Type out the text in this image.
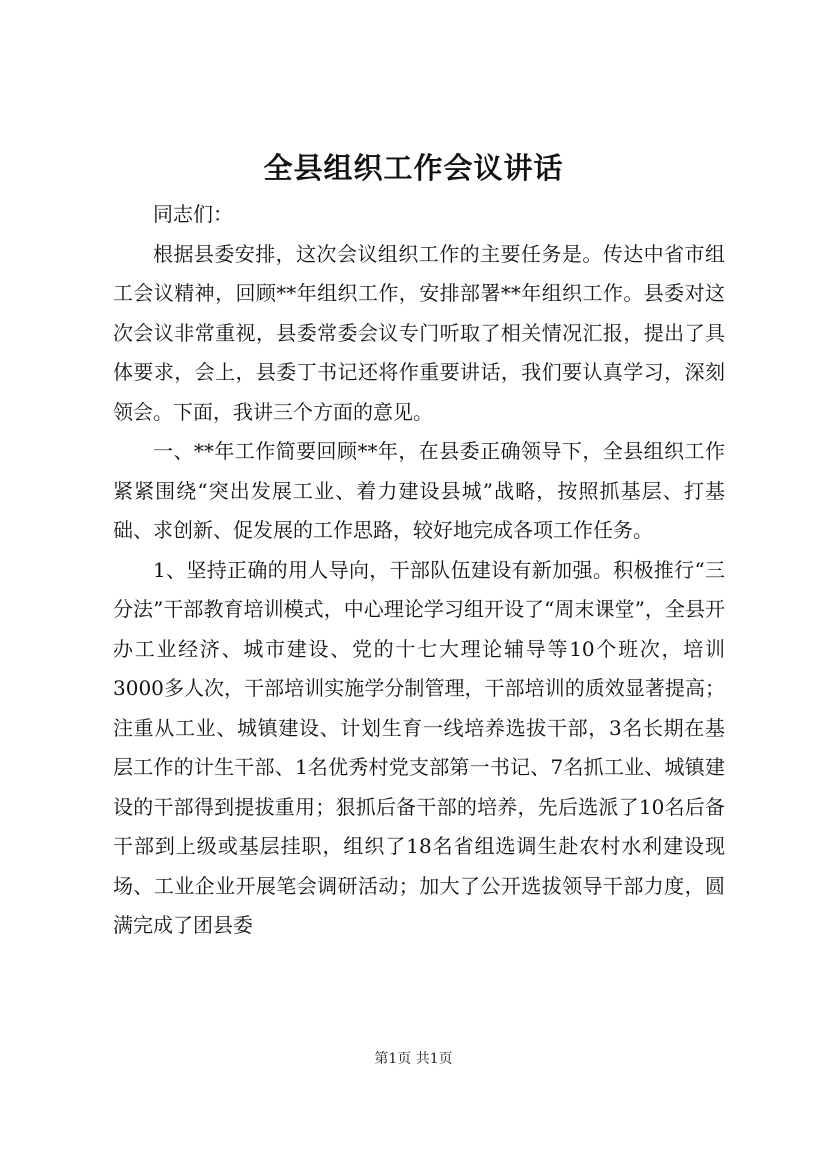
全县组织工作会议讲话

同志们：

根据县委安排，这次会议组织工作的主要任务是。传达中省市组工会议精神，回顾**年组织工作，安排部署**年组织工作。县委对这次会议非常重视，县委常委会议专门听取了相关情况汇报，提出了具体要求，会上，县委丁书记还将作重要讲话，我们要认真学习，深刻领会。下面，我讲三个方面的意见。

一、**年工作简要回顾**年，在县委正确领导下，全县组织工作紧紧围绕“突出发展工业、着力建设县城”战略，按照抓基层、打基础、求创新、促发展的工作思路，较好地完成各项工作任务。

1、坚持正确的用人导向，干部队伍建设有新加强。积极推行“三分法”干部教育培训模式，中心理论学习组开设了“周末课堂”，全县开办工业经济、城市建设、党的十七大理论辅导等10个班次，培训3000多人次，干部培训实施学分制管理，干部培训的质效显著提高；注重从工业、城镇建设、计划生育一线培养选拔干部，3名长期在基层工作的计生干部、1名优秀村党支部第一书记、7名抓工业、城镇建设的干部得到提拔重用；狠抓后备干部的培养，先后选派了10名后备干部到上级或基层挂职，组织了18名省组选调生赴农村水利建设现场、工业企业开展笔会调研活动；加大了公开选拔领导干部力度，圆满完成了团县委

第1页 共1页
